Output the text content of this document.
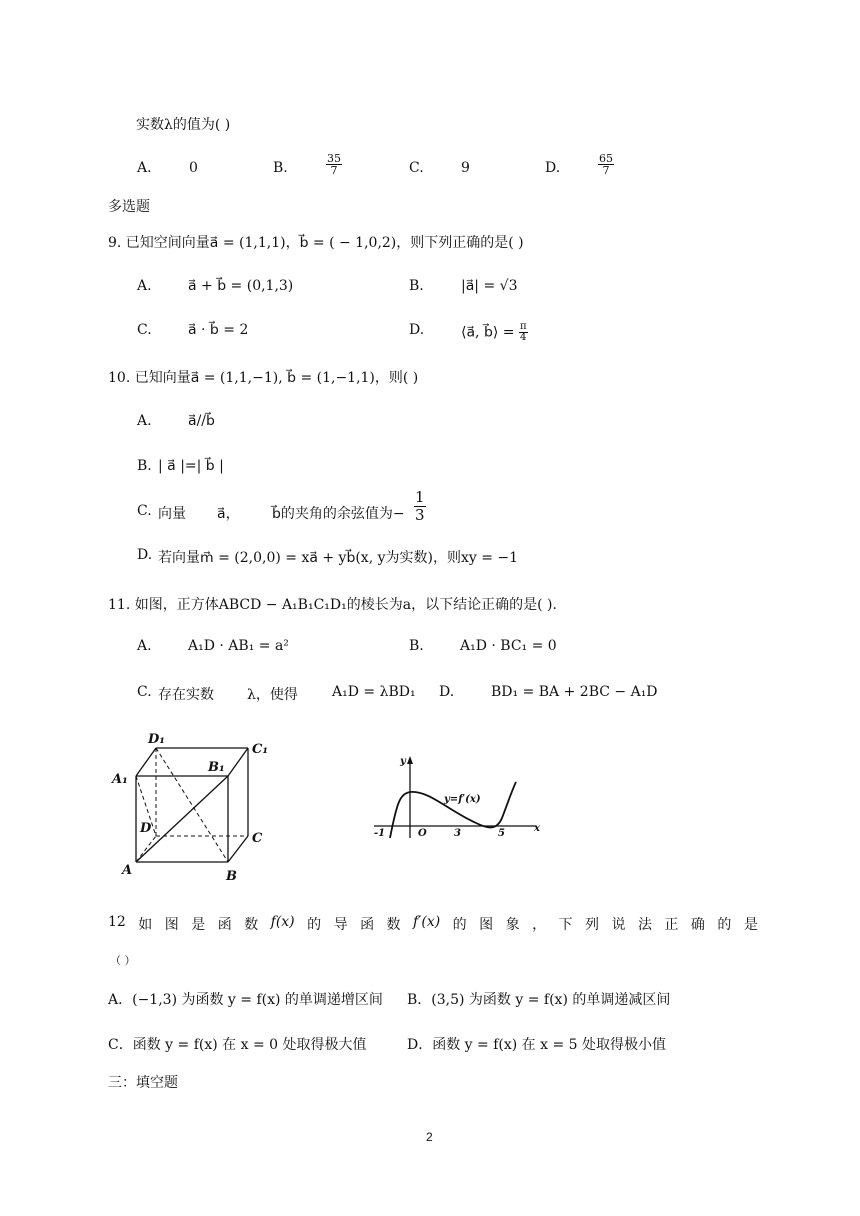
实数λ的值为( )
A.	0	B.	$\frac{35}{7}$	C.	9	D.	$\frac{65}{7}$
多选题
9. 已知空间向量a⃗ = (1,1,1)，b⃗ = ( − 1,0,2)，则下列正确的是( )
A.	a⃗ + b⃗ = (0,1,3)	B.	|a⃗| = √3
C.	a⃗ · b⃗ = 2	D.	⟨a⃗, b⃗⟩ = $\frac{\pi}{4}$
10. 已知向量a⃗ = (1,1,−1), b⃗ = (1,−1,1)，则( )
A.	a⃗//b⃗
B. | a⃗ |=| b⃗ |
C. 向量 a⃗， b⃗的夹角的余弦值为− $\frac{1}{3}$
D. 若向量m⃗ = (2,0,0) = xa⃗ + yb⃗(x, y为实数)，则xy = −1
11. 如图，正方体ABCD − A₁B₁C₁D₁的棱长为a，以下结论正确的是( ).
A.	A₁D · AB₁ = a²	B.	A₁D · BC₁ = 0
C. 存在实数 λ，使得 A₁D = λBD₁ D.	BD₁ = BA + 2BC − A₁D
D₁
C₁
A₁
B₁
D
C
A	B
y
y=f′(x)
-1	O	3	5	x
12 如 图 是 函 数 f(x) 的 导 函 数 f′(x) 的 图 象 ， 下 列 说 法 正 确 的 是
（ ）
A．(−1,3) 为函数 y = f(x) 的单调递增区间 B．(3,5) 为函数 y = f(x) 的单调递减区间
C．函数 y = f(x) 在 x = 0 处取得极大值	D．函数 y = f(x) 在 x = 5 处取得极小值
三：填空题
2
